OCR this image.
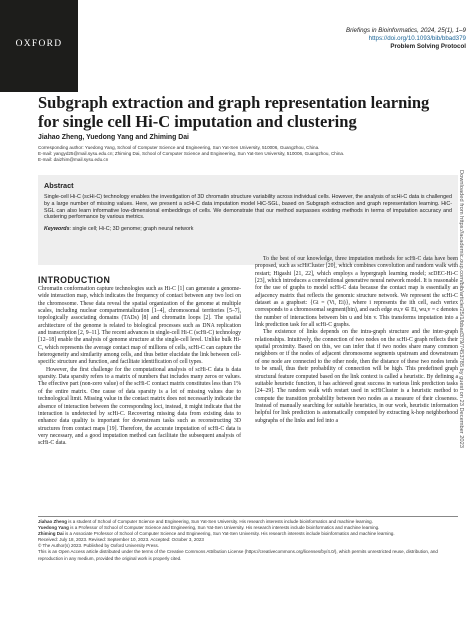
OXFORD
Briefings in Bioinformatics, 2024, 25(1), 1–9
https://doi.org/10.1093/bib/bbad379
Problem Solving Protocol
Subgraph extraction and graph representation learning for single cell Hi-C imputation and clustering
Jiahao Zheng, Yuedong Yang and Zhiming Dai
Corresponding author: Yuedong Yang, School of Computer Science and Engineering, Sun Yat-Sen University, 510006, Guangzhou, China.
E-mail: yangyd25@mail.sysu.edu.cn; Zhiming Dai, School of Computer Science and Engineering, Sun Yat-Sen University, 510006, Guangzhou, China.
E-mail: daizhim@mail.sysu.edu.cn
Abstract

Single-cell Hi-C (scHi-C) technology enables the investigation of 3D chromatin structure variability across individual cells. However, the analysis of scHi-C data is challenged by a large number of missing values. Here, we present a scHi-C data imputation model HiC-SGL, based on Subgraph extraction and graph representation learning. HiC-SGL can also learn informative low-dimensional embeddings of cells. We demonstrate that our method surpasses existing methods in terms of imputation accuracy and clustering performance by various metrics.

Keywords: single cell; Hi-C; 3D genome; graph neural network

INTRODUCTION

Chromatin conformation capture technologies such as Hi-C [1] can generate a genome-wide interaction map, which indicates the frequency of contact between any two loci on the chromosome. These data reveal the spatial organization of the genome at multiple scales, including nuclear compartmentalization [1–4], chromosomal territories [5–7], topologically associating domains (TADs) [8] and chromatin loops [2]. The spatial architecture of the genome is related to biological processes such as DNA replication and transcription [2, 9–11]. The recent advances in single-cell Hi-C (scHi-C) technology [12–18] enable the analysis of genome structure at the single-cell level. Unlike bulk Hi-C, which represents the average contact map of millions of cells, scHi-C can capture the heterogeneity and similarity among cells, and thus better elucidate the link between cell-specific structure and function, and facilitate identification of cell types.

However, the first challenge for the computational analysis of scHi-C data is data sparsity. Data sparsity refers to a matrix of numbers that includes many zeros or values. The effective part (non-zero value) of the scHi-C contact matrix constitutes less than 1% of the entire matrix. One cause of data sparsity is a lot of missing values due to technological limit. Missing value in the contact matrix does not necessarily indicate the absence of interaction between the corresponding loci, instead, it might indicate that the interaction is undetected by scHi-C. Recovering missing data from existing data to enhance data quality is important for downstream tasks such as reconstructing 3D structures from contact maps [19]. Therefore, the accurate imputation of scHi-C data is very necessary, and a good imputation method can facilitate the subsequent analysis of scHi-C data.

To the best of our knowledge, three imputation methods for scHi-C data have been proposed, such as scHiCluster [20], which combines convolution and random walk with restart; Higashi [21, 22], which employs a hypergraph learning model; scDEC-Hi-C [23], which introduces a convolutional generative neural network model. It is reasonable for the use of graphs to model scHi-C data because the contact map is essentially an adjacency matrix that reflects the genomic structure network. We represent the scHi-C dataset as a graphset: {Gi = (Vi, Ei)}, where i represents the ith cell, each vertex corresponds to a chromosomal segment(bin), and each edge eu,v ∈ Ei, wu,v = c denotes the number of interactions between bin u and bin v. This transforms imputation into a link prediction task for all scHi-C graphs.

The existence of links depends on the intra-graph structure and the inter-graph relationships. Intuitively, the connection of two nodes on the scHi-C graph reflects their spatial proximity. Based on this, we can infer that if two nodes share many common neighbors or if the nodes of adjacent chromosome segments upstream and downstream of one node are connected to the other node, then the distance of these two nodes tends to be small, thus their probability of connection will be high. This predefined graph structural feature computed based on the link context is called a heuristic. By defining a suitable heuristic function, it has achieved great success in various link prediction tasks [24–29]. The random walk with restart used in scHiCluster is a heuristic method to compute the transition probability between two nodes as a measure of their closeness. Instead of manually searching for suitable heuristics, in our work, heuristic information helpful for link prediction is automatically computed by extracting k-hop neighborhood subgraphs of the links and fed into a

Jiahao Zheng is a student of School of Computer Science and Engineering, Sun Yat-Sen University. His research interests include bioinformatics and machine learning.
Yuedong Yang is a Professor of School of Computer Science and Engineering, Sun Yat-Sen University. His research interests include bioinformatics and machine learning.
Zhiming Dai is a Associate Professor of School of Computer Science and Engineering, Sun Yat-Sen University. His research interests include bioinformatics and machine learning.
Received: July 18, 2023. Revised: September 10, 2023. Accepted: October 3, 2023
© The Author(s) 2023. Published by Oxford University Press.
This is an Open Access article distributed under the terms of the Creative Commons Attribution License (https://creativecommons.org/licenses/by/4.0/), which permits unrestricted reuse, distribution, and reproduction in any medium, provided the original work is properly cited.
Downloaded from https://academic.oup.com/bib/article/25/1/bbad379/7453785 by guest on 23 December 2023
